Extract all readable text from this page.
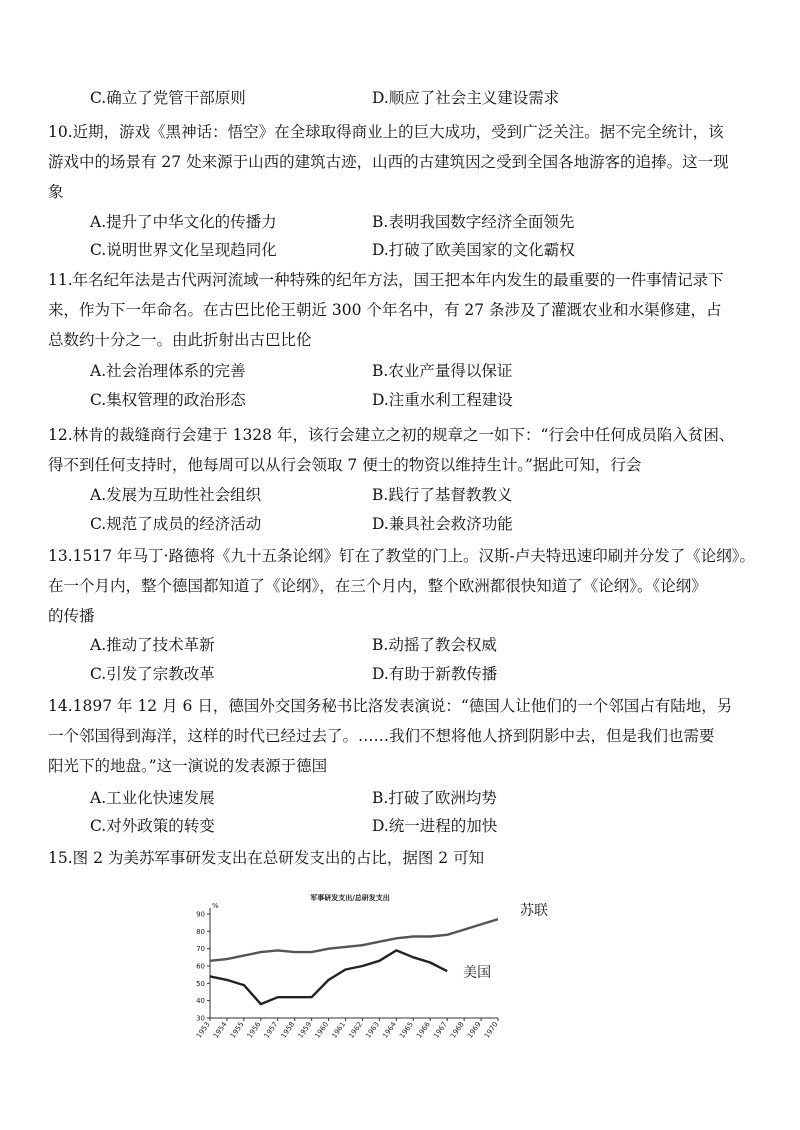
C.确立了党管干部原则	D.顺应了社会主义建设需求
10.近期，游戏《黑神话：悟空》在全球取得商业上的巨大成功，受到广泛关注。据不完全统计，该
游戏中的场景有 27 处来源于山西的建筑古迹，山西的古建筑因之受到全国各地游客的追捧。这一现
象
A.提升了中华文化的传播力	B.表明我国数字经济全面领先
C.说明世界文化呈现趋同化	D.打破了欧美国家的文化霸权
11.年名纪年法是古代两河流域一种特殊的纪年方法，国王把本年内发生的最重要的一件事情记录下
来，作为下一年命名。在古巴比伦王朝近 300 个年名中，有 27 条涉及了灌溉农业和水渠修建，占
总数约十分之一。由此折射出古巴比伦
A.社会治理体系的完善	B.农业产量得以保证
C.集权管理的政治形态	D.注重水利工程建设
12.林肯的裁缝商行会建于 1328 年，该行会建立之初的规章之一如下：“行会中任何成员陷入贫困、
得不到任何支持时，他每周可以从行会领取 7 便士的物资以维持生计。”据此可知，行会
A.发展为互助性社会组织	B.践行了基督教教义
C.规范了成员的经济活动	D.兼具社会救济功能
13.1517 年马丁·路德将《九十五条论纲》钉在了教堂的门上。汉斯-卢夫特迅速印刷并分发了《论纲》。
在一个月内，整个德国都知道了《论纲》，在三个月内，整个欧洲都很快知道了《论纲》。《论纲》
的传播
A.推动了技术革新	B.动摇了教会权威
C.引发了宗教改革	D.有助于新教传播
14.1897 年 12 月 6 日，德国外交国务秘书比洛发表演说：“德国人让他们的一个邻国占有陆地，另
一个邻国得到海洋，这样的时代已经过去了。……我们不想将他人挤到阴影中去，但是我们也需要
阳光下的地盘。”这一演说的发表源于德国
A.工业化快速发展	B.打破了欧洲均势
C.对外政策的转变	D.统一进程的加快
15.图 2 为美苏军事研发支出在总研发支出的占比，据图 2 可知
军事研发支出/总研发支出
%
30
40
50
60
70
80
90
1953 1954 1955 1956 1957 1958 1959 1960 1961 1962 1963 1964 1965 1966 1967 1968 1969 1970
苏联
美国
